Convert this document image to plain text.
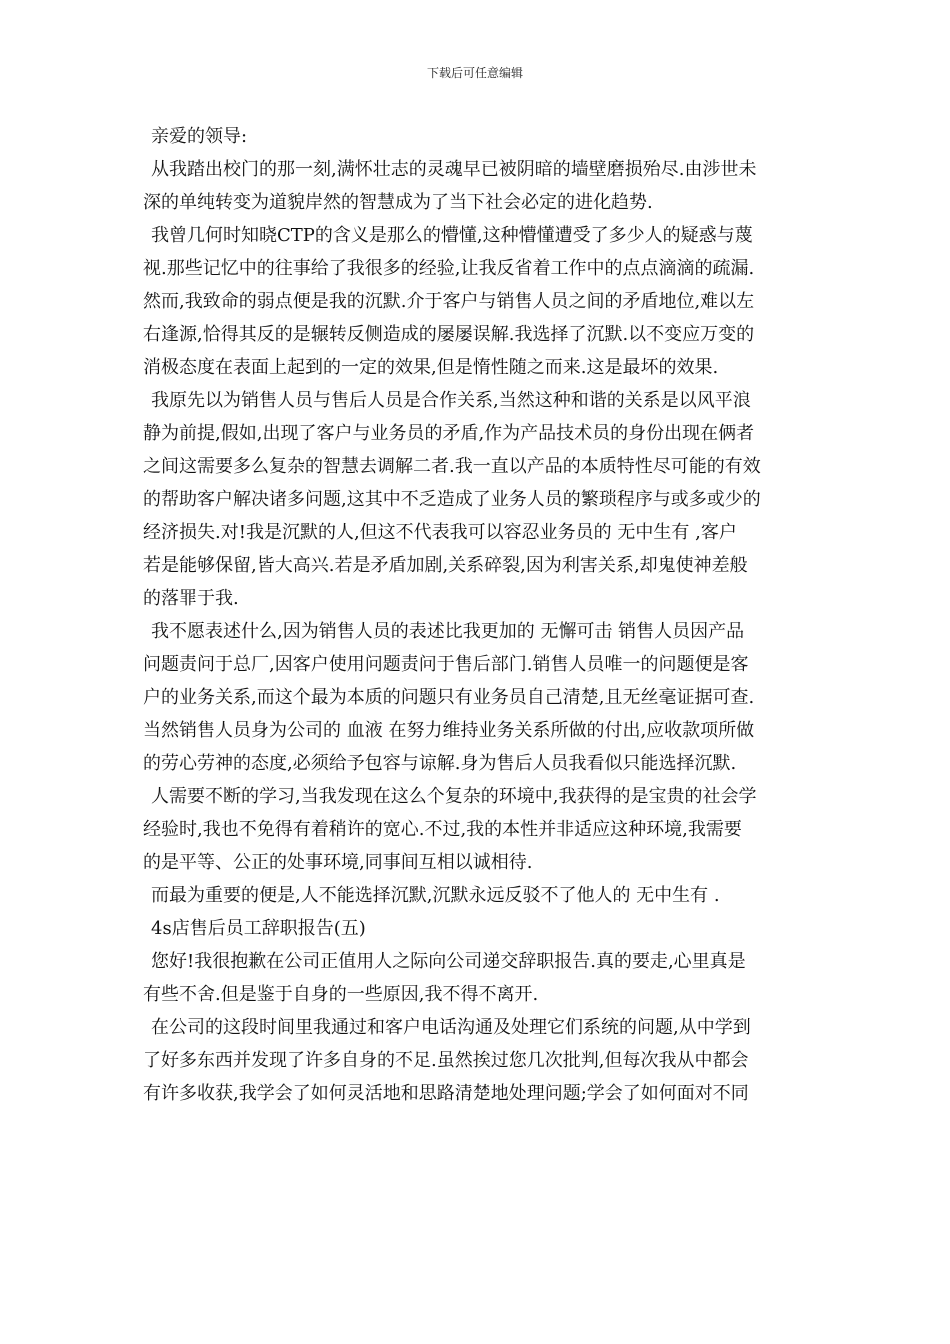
下载后可任意编辑
亲爱的领导:
从我踏出校门的那一刻,满怀壮志的灵魂早已被阴暗的墙壁磨损殆尽.由涉世未
深的单纯转变为道貌岸然的智慧成为了当下社会必定的进化趋势.
我曾几何时知晓CTP的含义是那么的懵懂,这种懵懂遭受了多少人的疑惑与蔑
视.那些记忆中的往事给了我很多的经验,让我反省着工作中的点点滴滴的疏漏.
然而,我致命的弱点便是我的沉默.介于客户与销售人员之间的矛盾地位,难以左
右逢源,恰得其反的是辗转反侧造成的屡屡误解.我选择了沉默.以不变应万变的
消极态度在表面上起到的一定的效果,但是惰性随之而来.这是最坏的效果.
我原先以为销售人员与售后人员是合作关系,当然这种和谐的关系是以风平浪
静为前提,假如,出现了客户与业务员的矛盾,作为产品技术员的身份出现在俩者
之间这需要多么复杂的智慧去调解二者.我一直以产品的本质特性尽可能的有效
的帮助客户解决诸多问题,这其中不乏造成了业务人员的繁琐程序与或多或少的
经济损失.对!我是沉默的人,但这不代表我可以容忍业务员的 无中生有 ,客户
若是能够保留,皆大高兴.若是矛盾加剧,关系碎裂,因为利害关系,却鬼使神差般
的落罪于我.
我不愿表述什么,因为销售人员的表述比我更加的 无懈可击 销售人员因产品
问题责问于总厂,因客户使用问题责问于售后部门.销售人员唯一的问题便是客
户的业务关系,而这个最为本质的问题只有业务员自己清楚,且无丝毫证据可查.
当然销售人员身为公司的 血液 在努力维持业务关系所做的付出,应收款项所做
的劳心劳神的态度,必须给予包容与谅解.身为售后人员我看似只能选择沉默.
人需要不断的学习,当我发现在这么个复杂的环境中,我获得的是宝贵的社会学
经验时,我也不免得有着稍许的宽心.不过,我的本性并非适应这种环境,我需要
的是平等、公正的处事环境,同事间互相以诚相待.
而最为重要的便是,人不能选择沉默,沉默永远反驳不了他人的 无中生有 .
4s店售后员工辞职报告(五)
您好!我很抱歉在公司正值用人之际向公司递交辞职报告.真的要走,心里真是
有些不舍.但是鉴于自身的一些原因,我不得不离开.
在公司的这段时间里我通过和客户电话沟通及处理它们系统的问题,从中学到
了好多东西并发现了许多自身的不足.虽然挨过您几次批判,但每次我从中都会
有许多收获,我学会了如何灵活地和思路清楚地处理问题;学会了如何面对不同
